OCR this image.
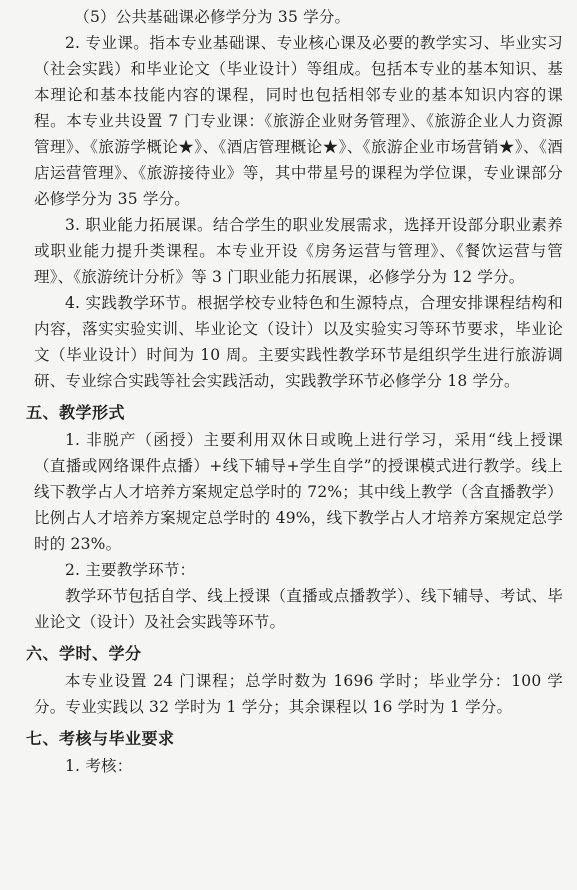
（5）公共基础课必修学分为 35 学分。

2. 专业课。指本专业基础课、专业核心课及必要的教学实习、毕业实习（社会实践）和毕业论文（毕业设计）等组成。包括本专业的基本知识、基本理论和基本技能内容的课程，同时也包括相邻专业的基本知识内容的课程。本专业共设置 7 门专业课：《旅游企业财务管理》、《旅游企业人力资源管理》、《旅游学概论★》、《酒店管理概论★》、《旅游企业市场营销★》、《酒店运营管理》、《旅游接待业》等，其中带星号的课程为学位课，专业课部分必修学分为 35 学分。

3. 职业能力拓展课。结合学生的职业发展需求，选择开设部分职业素养或职业能力提升类课程。本专业开设《房务运营与管理》、《餐饮运营与管理》、《旅游统计分析》等 3 门职业能力拓展课，必修学分为 12 学分。

4. 实践教学环节。根据学校专业特色和生源特点，合理安排课程结构和内容，落实实验实训、毕业论文（设计）以及实验实习等环节要求，毕业论文（毕业设计）时间为 10 周。主要实践性教学环节是组织学生进行旅游调研、专业综合实践等社会实践活动，实践教学环节必修学分 18 学分。

五、教学形式

1. 非脱产（函授）主要利用双休日或晚上进行学习，采用“线上授课（直播或网络课件点播）+线下辅导+学生自学”的授课模式进行教学。线上线下教学占人才培养方案规定总学时的 72%；其中线上教学（含直播教学）比例占人才培养方案规定总学时的 49%，线下教学占人才培养方案规定总学时的 23%。

2. 主要教学环节：

教学环节包括自学、线上授课（直播或点播教学）、线下辅导、考试、毕业论文（设计）及社会实践等环节。

六、学时、学分

本专业设置 24 门课程；总学时数为 1696 学时；毕业学分：100 学分。专业实践以 32 学时为 1 学分；其余课程以 16 学时为 1 学分。

七、考核与毕业要求

1. 考核：
